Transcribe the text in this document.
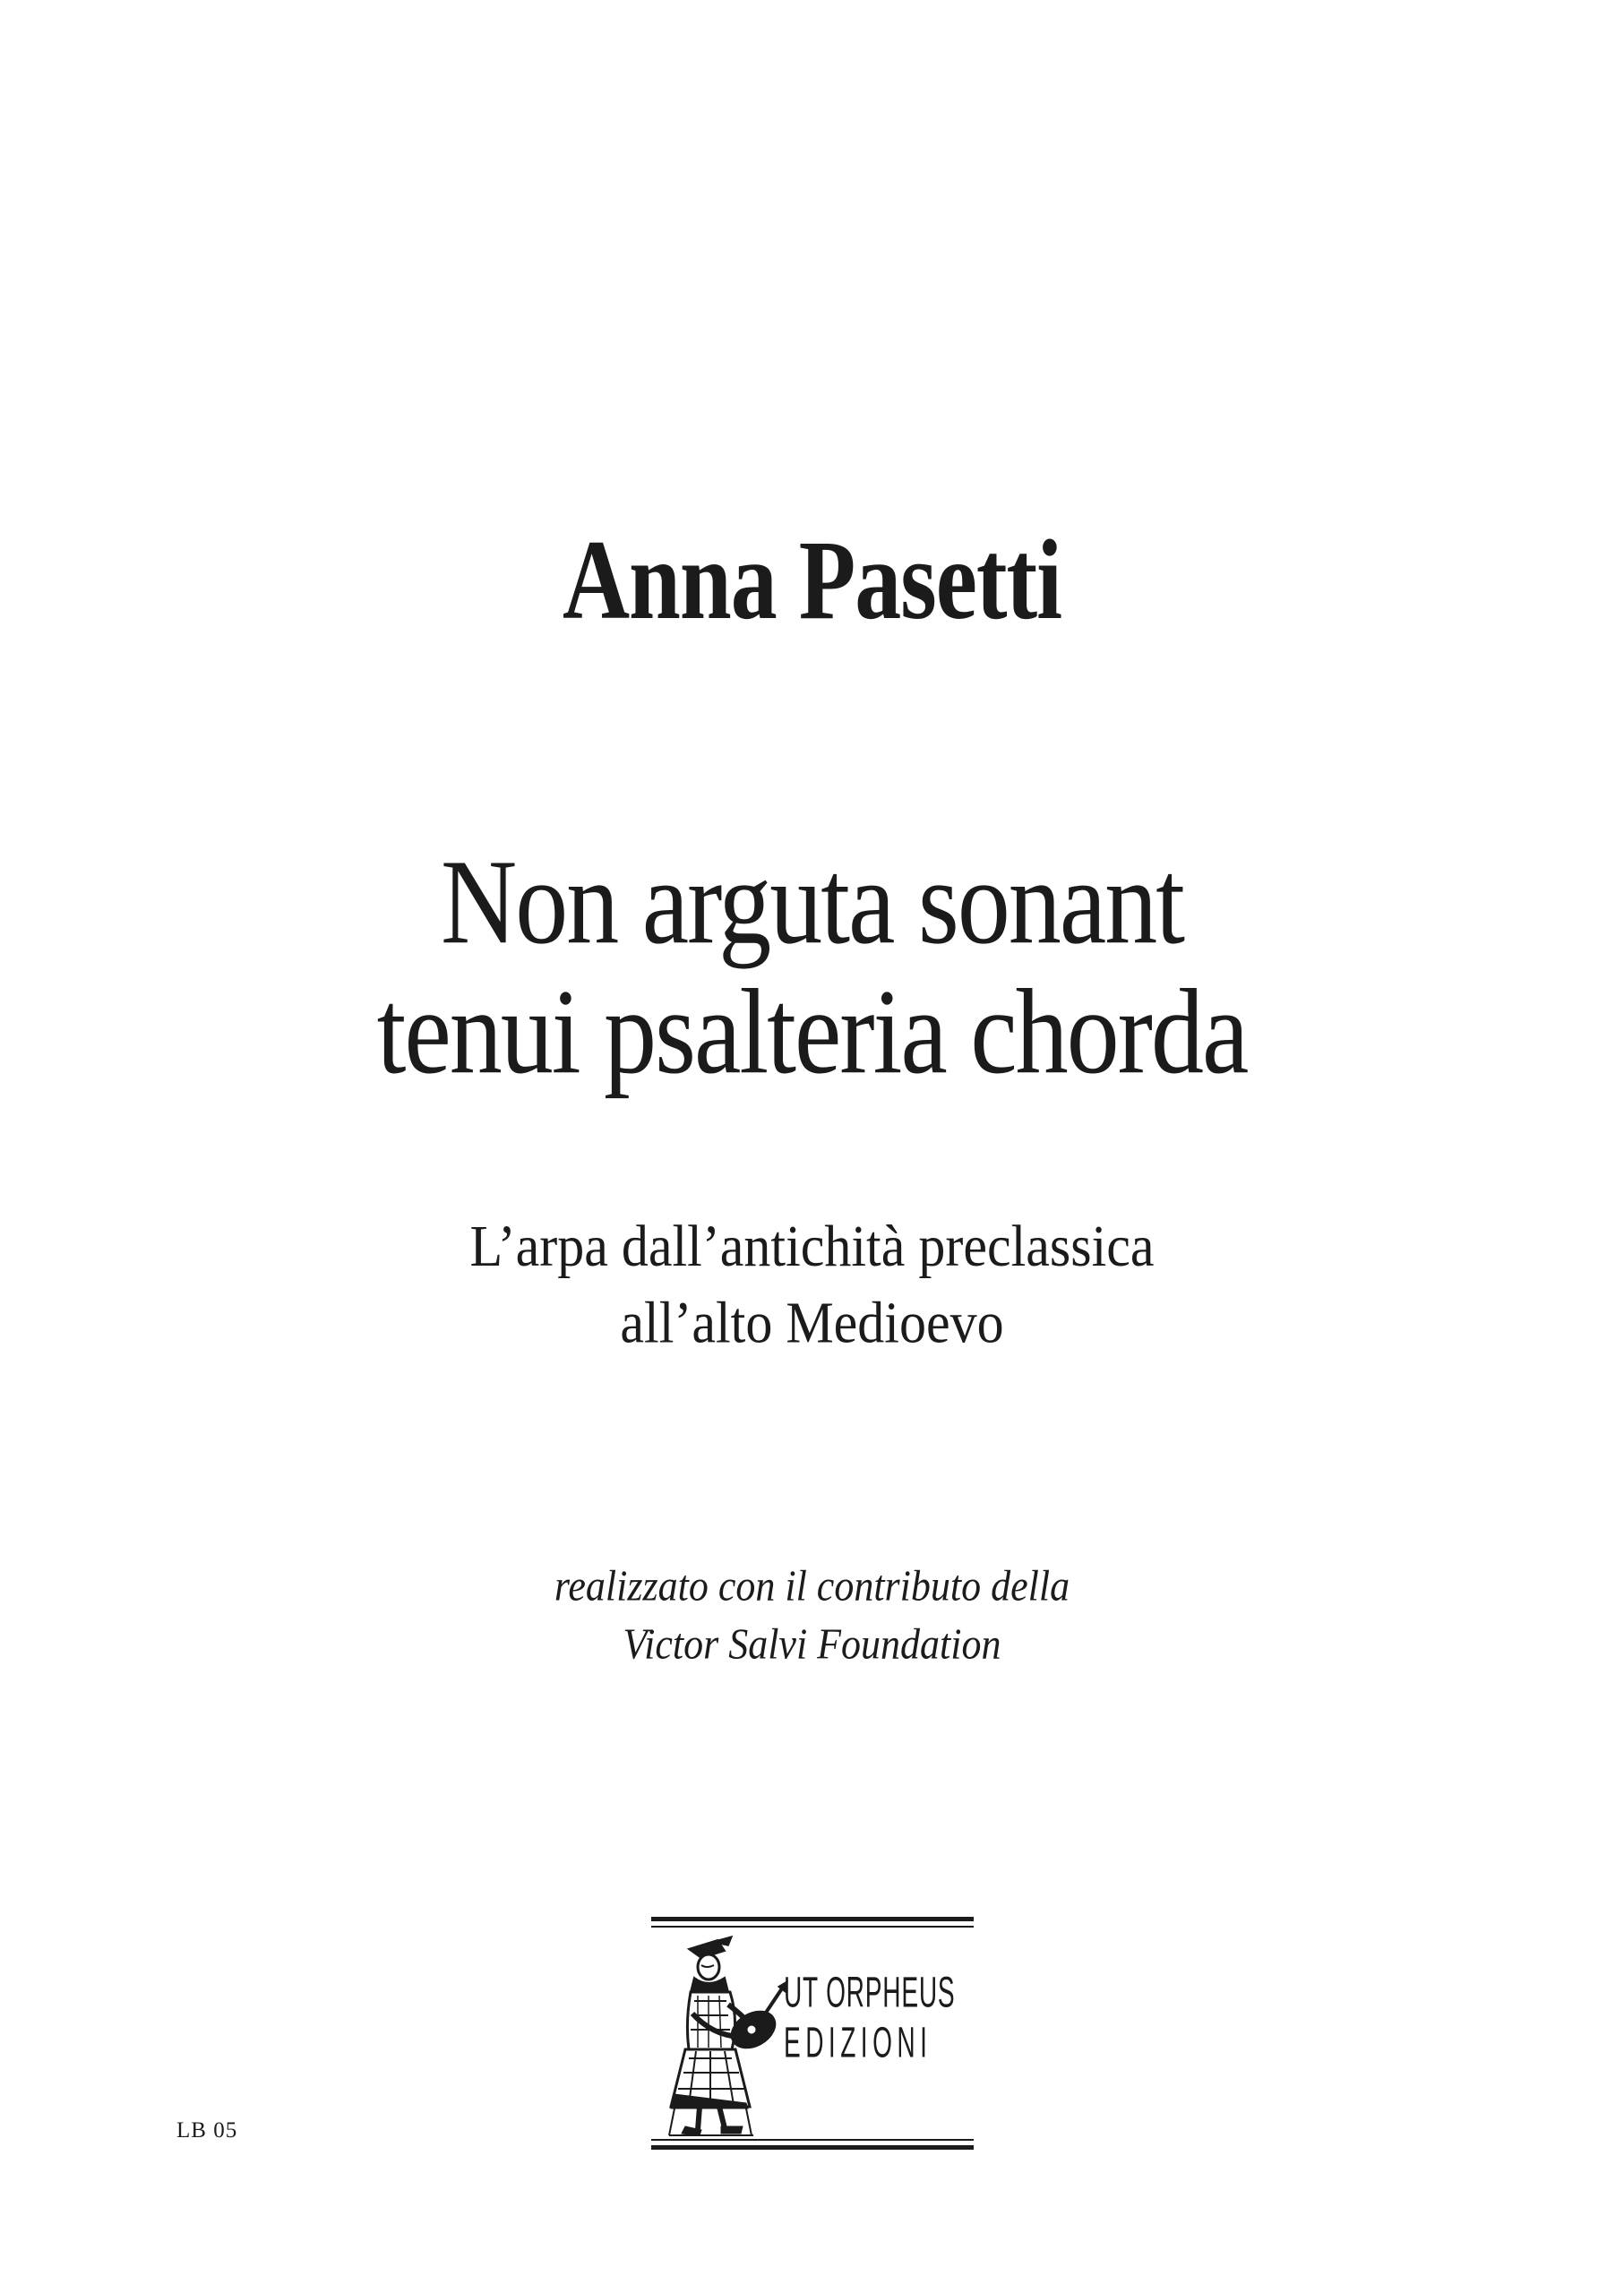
Anna Pasetti
Non arguta sonant
tenui psalteria chorda
L’arpa dall’antichità preclassica
all’alto Medioevo
realizzato con il contributo della
Victor Salvi Foundation
UT ORPHEUS
EDIZIONI
LB 05
